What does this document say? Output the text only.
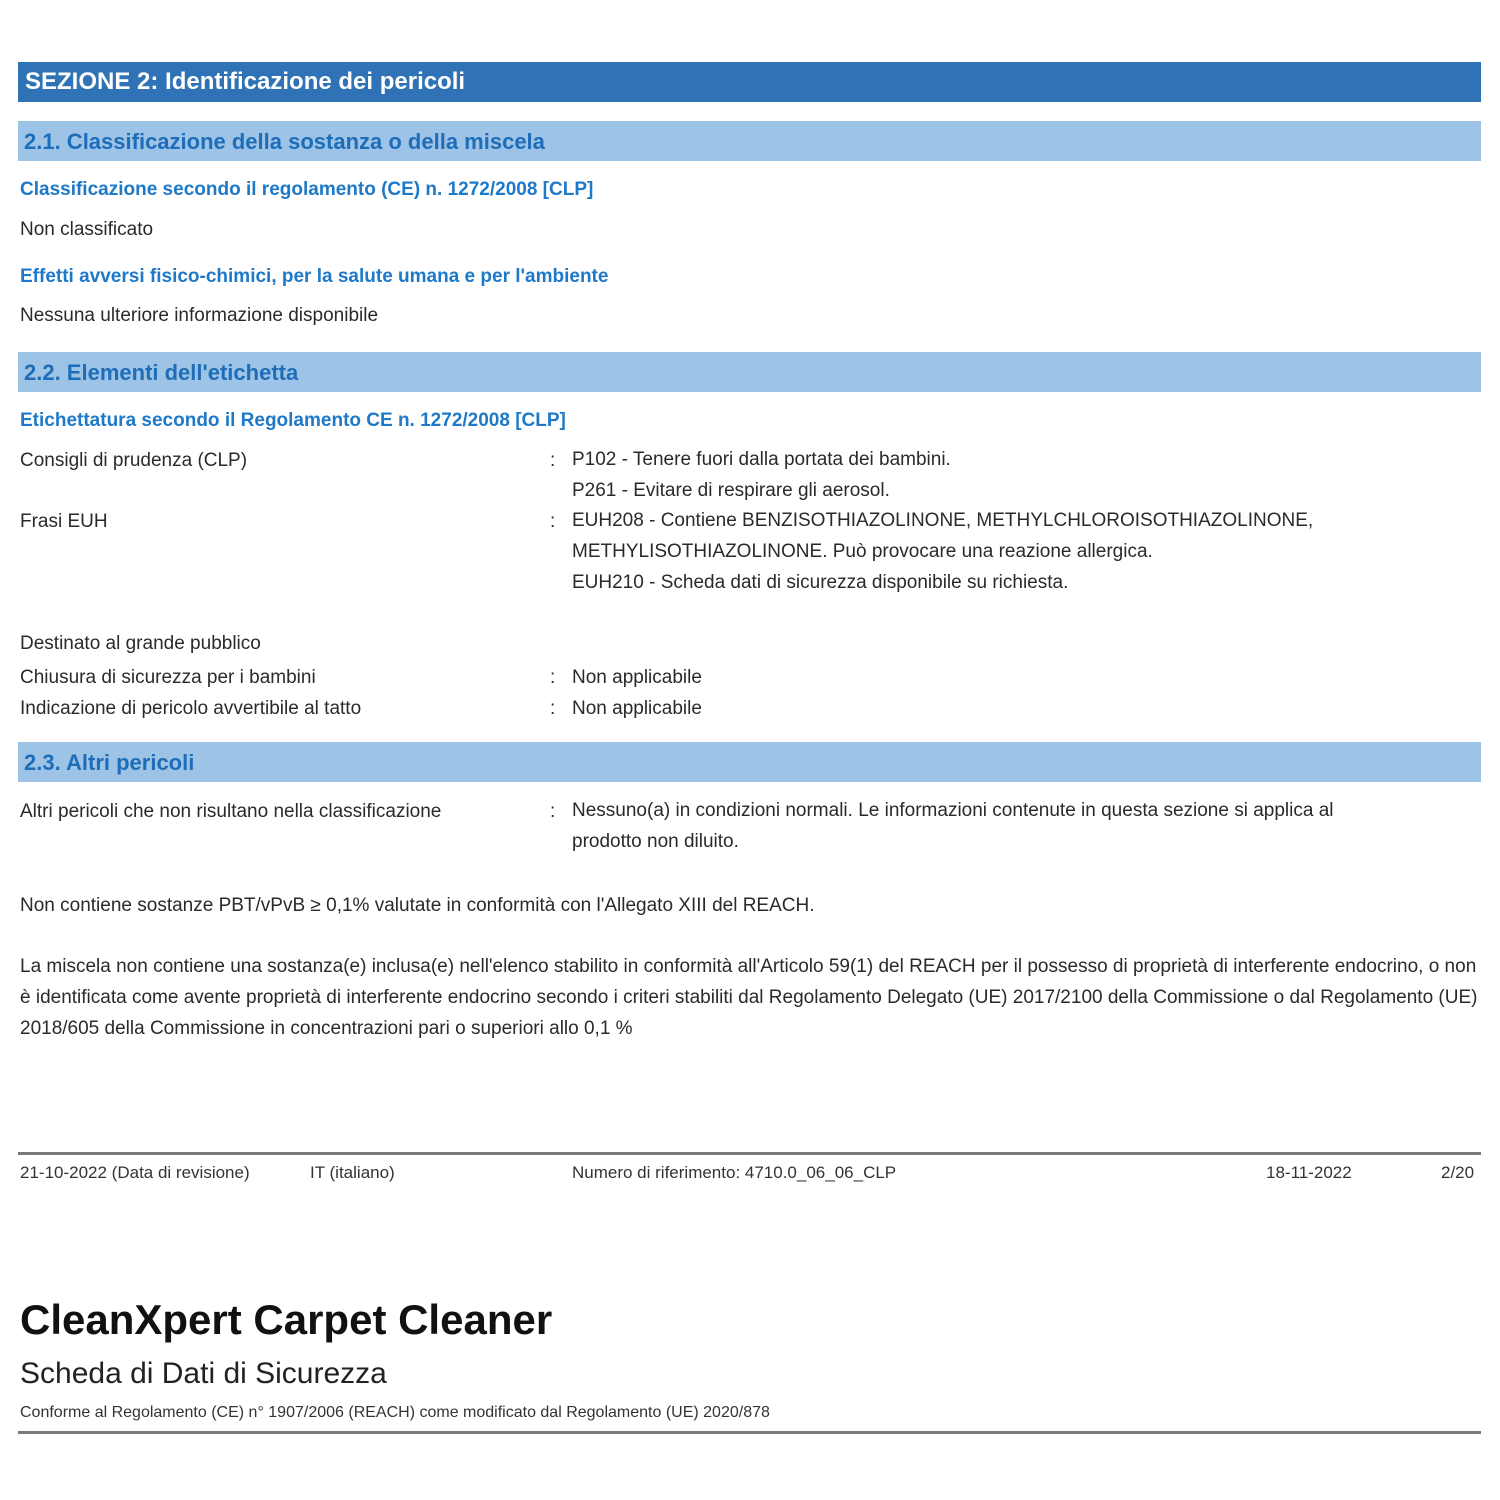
SEZIONE 2: Identificazione dei pericoli
2.1. Classificazione della sostanza o della miscela
Classificazione secondo il regolamento (CE) n. 1272/2008 [CLP]
Non classificato
Effetti avversi fisico-chimici, per la salute umana e per l'ambiente
Nessuna ulteriore informazione disponibile
2.2. Elementi dell'etichetta
Etichettatura secondo il Regolamento CE n. 1272/2008 [CLP]
Consigli di prudenza (CLP)	: P102 - Tenere fuori dalla portata dei bambini.
P261 - Evitare di respirare gli aerosol.
Frasi EUH	: EUH208 - Contiene BENZISOTHIAZOLINONE, METHYLCHLOROISOTHIAZOLINONE,
METHYLISOTHIAZOLINONE. Può provocare una reazione allergica.
EUH210 - Scheda dati di sicurezza disponibile su richiesta.
Destinato al grande pubblico
Chiusura di sicurezza per i bambini	: Non applicabile
Indicazione di pericolo avvertibile al tatto	: Non applicabile
2.3. Altri pericoli
Altri pericoli che non risultano nella classificazione	: Nessuno(a) in condizioni normali. Le informazioni contenute in questa sezione si applica al
prodotto non diluito.
Non contiene sostanze PBT/vPvB ≥ 0,1% valutate in conformità con l'Allegato XIII del REACH.
La miscela non contiene una sostanza(e) inclusa(e) nell'elenco stabilito in conformità all'Articolo 59(1) del REACH per il possesso di proprietà di interferente endocrino, o non è identificata come avente proprietà di interferente endocrino secondo i criteri stabiliti dal Regolamento Delegato (UE) 2017/2100 della Commissione o dal Regolamento (UE) 2018/605 della Commissione in concentrazioni pari o superiori allo 0,1 %
21-10-2022 (Data di revisione)	IT (italiano)	Numero di riferimento: 4710.0_06_06_CLP	18-11-2022	2/20
CleanXpert Carpet Cleaner
Scheda di Dati di Sicurezza
Conforme al Regolamento (CE) n° 1907/2006 (REACH) come modificato dal Regolamento (UE) 2020/878
